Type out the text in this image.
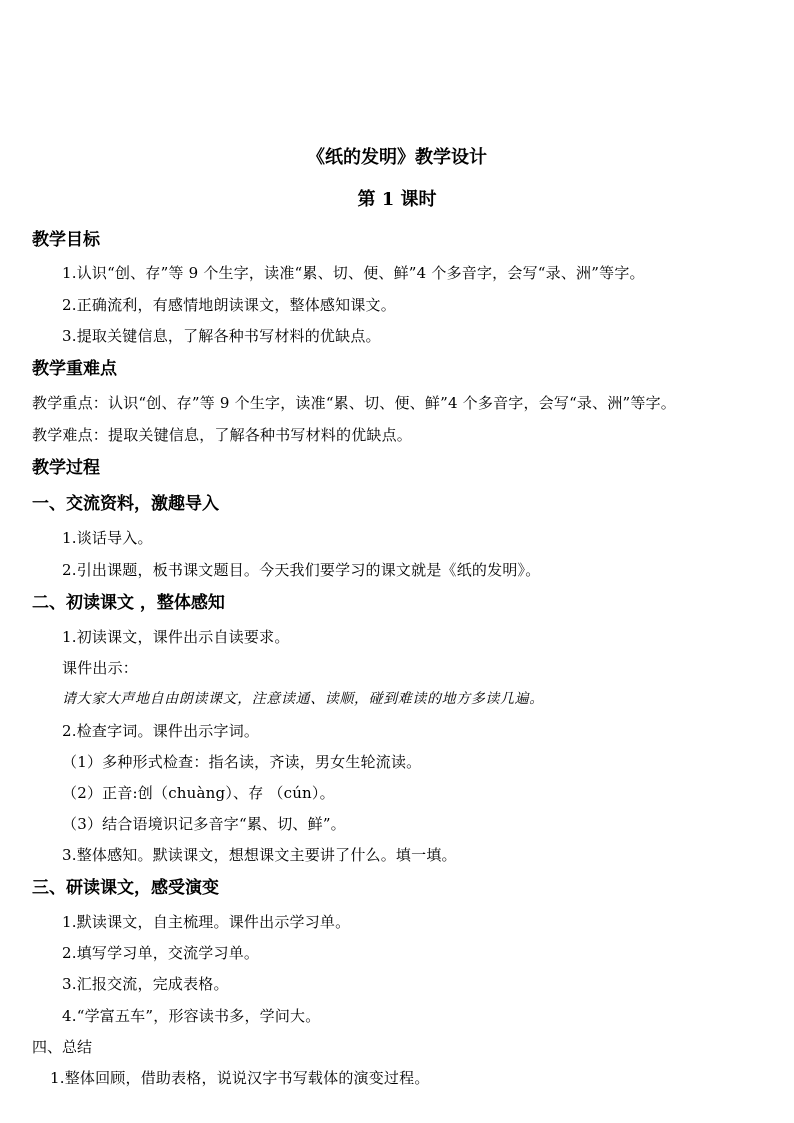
《纸的发明》教学设计
第 1 课时
教学目标
1.认识“创、存”等 9 个生字，读准“累、切、便、鲜”4 个多音字，会写“录、洲”等字。
2.正确流利，有感情地朗读课文，整体感知课文。
3.提取关键信息，了解各种书写材料的优缺点。
教学重难点
教学重点：认识“创、存”等 9 个生字，读准“累、切、便、鲜”4 个多音字，会写“录、洲”等字。
教学难点：提取关键信息，了解各种书写材料的优缺点。
教学过程
一、交流资料，激趣导入
1.谈话导入。
2.引出课题，板书课文题目。今天我们要学习的课文就是《纸的发明》。
二、初读课文 ，整体感知
1.初读课文，课件出示自读要求。
课件出示：
请大家大声地自由朗读课文，注意读通、读顺，碰到难读的地方多读几遍。
2.检查字词。课件出示字词。
（1）多种形式检查：指名读，齐读，男女生轮流读。
（2）正音:创（chuàng）、存 （cún）。
（3）结合语境识记多音字“累、切、鲜”。
3.整体感知。默读课文，想想课文主要讲了什么。填一填。
三、研读课文，感受演变
1.默读课文，自主梳理。课件出示学习单。
2.填写学习单，交流学习单。
3.汇报交流，完成表格。
4.“学富五车”，形容读书多，学问大。
四、总结
1.整体回顾，借助表格，说说汉字书写载体的演变过程。
